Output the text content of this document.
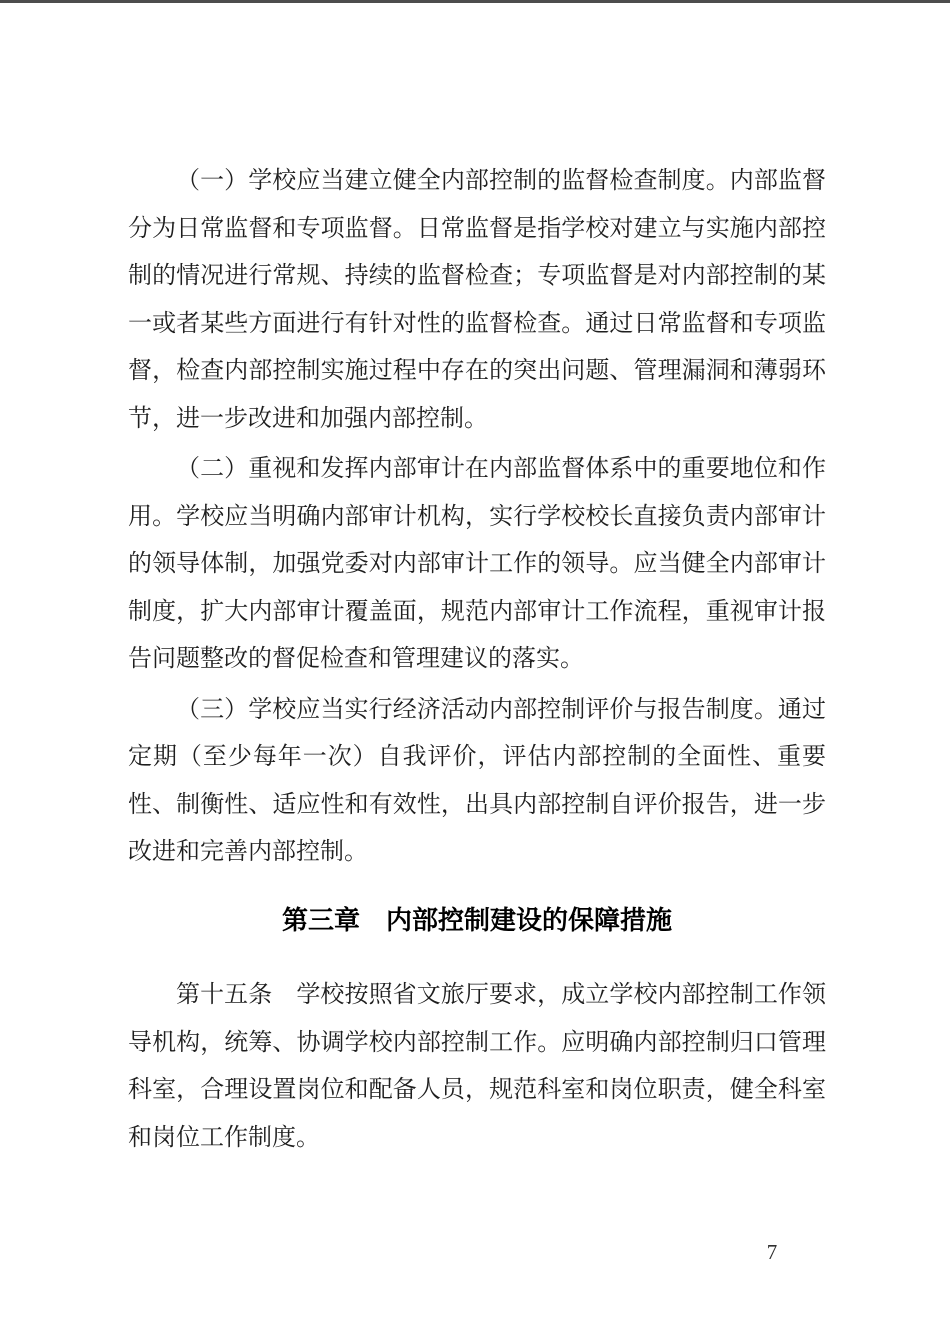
（一）学校应当建立健全内部控制的监督检查制度。内部监督分为日常监督和专项监督。日常监督是指学校对建立与实施内部控制的情况进行常规、持续的监督检查；专项监督是对内部控制的某一或者某些方面进行有针对性的监督检查。通过日常监督和专项监督，检查内部控制实施过程中存在的突出问题、管理漏洞和薄弱环节，进一步改进和加强内部控制。

（二）重视和发挥内部审计在内部监督体系中的重要地位和作用。学校应当明确内部审计机构，实行学校校长直接负责内部审计的领导体制，加强党委对内部审计工作的领导。应当健全内部审计制度，扩大内部审计覆盖面，规范内部审计工作流程，重视审计报告问题整改的督促检查和管理建议的落实。

（三）学校应当实行经济活动内部控制评价与报告制度。通过定期（至少每年一次）自我评价，评估内部控制的全面性、重要性、制衡性、适应性和有效性，出具内部控制自评价报告，进一步改进和完善内部控制。

第三章　内部控制建设的保障措施

第十五条 学校按照省文旅厅要求，成立学校内部控制工作领导机构，统筹、协调学校内部控制工作。应明确内部控制归口管理科室，合理设置岗位和配备人员，规范科室和岗位职责，健全科室和岗位工作制度。

7
